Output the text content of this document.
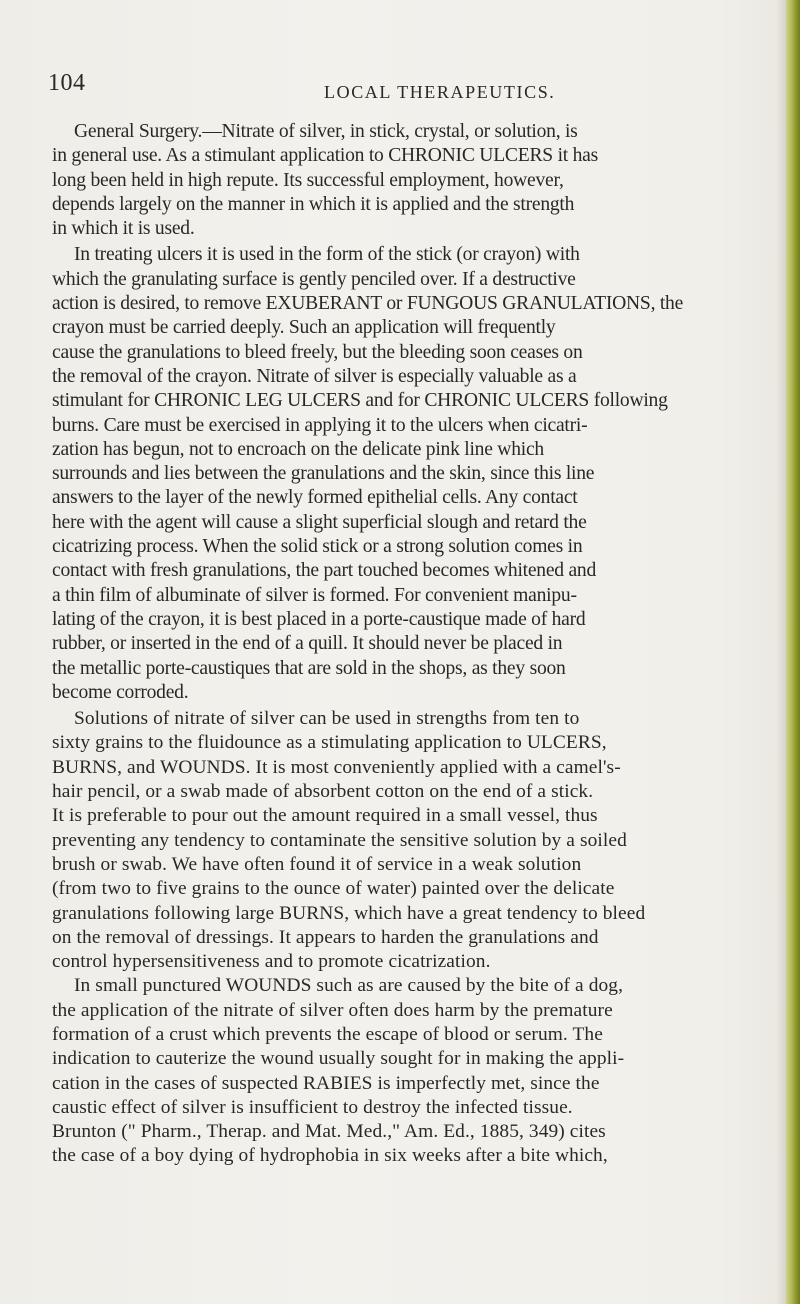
104	LOCAL THERAPEUTICS.
General Surgery.—Nitrate of silver, in stick, crystal, or solution, is
in general use. As a stimulant application to CHRONIC ULCERS it has
long been held in high repute. Its successful employment, however,
depends largely on the manner in which it is applied and the strength
in which it is used.
In treating ulcers it is used in the form of the stick (or crayon) with
which the granulating surface is gently penciled over. If a destructive
action is desired, to remove EXUBERANT or FUNGOUS GRANULATIONS, the
crayon must be carried deeply. Such an application will frequently
cause the granulations to bleed freely, but the bleeding soon ceases on
the removal of the crayon. Nitrate of silver is especially valuable as a
stimulant for CHRONIC LEG ULCERS and for CHRONIC ULCERS following
burns. Care must be exercised in applying it to the ulcers when cicatri-
zation has begun, not to encroach on the delicate pink line which
surrounds and lies between the granulations and the skin, since this line
answers to the layer of the newly formed epithelial cells. Any contact
here with the agent will cause a slight superficial slough and retard the
cicatrizing process. When the solid stick or a strong solution comes in
contact with fresh granulations, the part touched becomes whitened and
a thin film of albuminate of silver is formed. For convenient manipu-
lating of the crayon, it is best placed in a porte-caustique made of hard
rubber, or inserted in the end of a quill. It should never be placed in
the metallic porte-caustiques that are sold in the shops, as they soon
become corroded.
Solutions of nitrate of silver can be used in strengths from ten to
sixty grains to the fluidounce as a stimulating application to ULCERS,
BURNS, and WOUNDS. It is most conveniently applied with a camel's-
hair pencil, or a swab made of absorbent cotton on the end of a stick.
It is preferable to pour out the amount required in a small vessel, thus
preventing any tendency to contaminate the sensitive solution by a soiled
brush or swab. We have often found it of service in a weak solution
(from two to five grains to the ounce of water) painted over the delicate
granulations following large BURNS, which have a great tendency to bleed
on the removal of dressings. It appears to harden the granulations and
control hypersensitiveness and to promote cicatrization.
In small punctured WOUNDS such as are caused by the bite of a dog,
the application of the nitrate of silver often does harm by the premature
formation of a crust which prevents the escape of blood or serum. The
indication to cauterize the wound usually sought for in making the appli-
cation in the cases of suspected RABIES is imperfectly met, since the
caustic effect of silver is insufficient to destroy the infected tissue.
Brunton (" Pharm., Therap. and Mat. Med.," Am. Ed., 1885, 349) cites
the case of a boy dying of hydrophobia in six weeks after a bite which,
